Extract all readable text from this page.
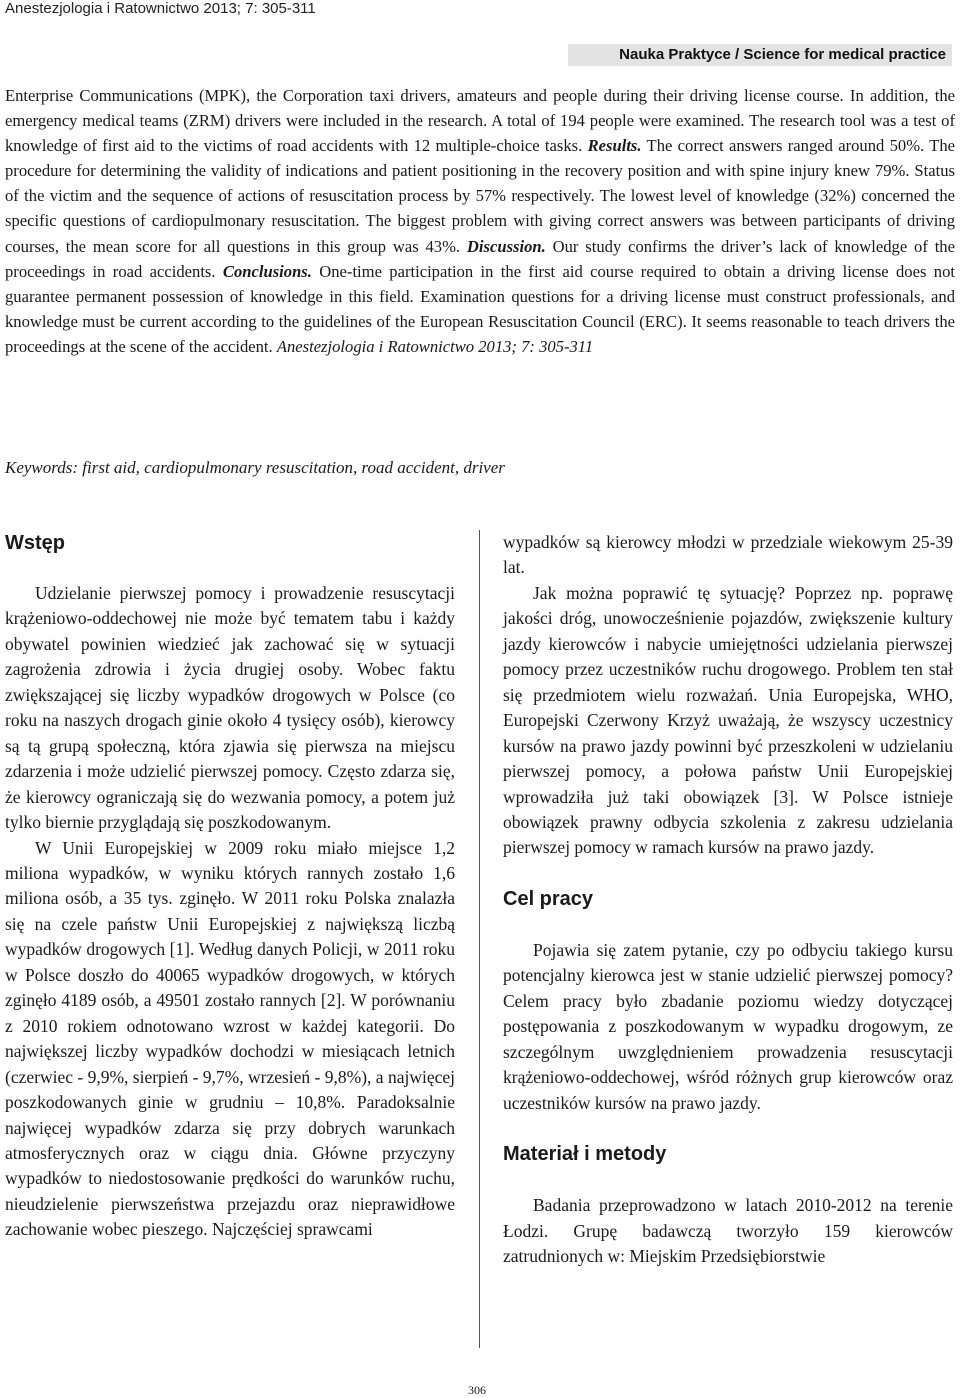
Anestezjologia i Ratownictwo 2013; 7: 305-311
Nauka Praktyce / Science for medical practice

Enterprise Communications (MPK), the Corporation taxi drivers, amateurs and people during their driving license course. In addition, the emergency medical teams (ZRM) drivers were included in the research. A total of 194 people were examined. The research tool was a test of knowledge of first aid to the victims of road accidents with 12 multiple-choice tasks. Results. The correct answers ranged around 50%. The procedure for determining the validity of indications and patient positioning in the recovery position and with spine injury knew 79%. Status of the victim and the sequence of actions of resuscitation process by 57% respectively. The lowest level of knowledge (32%) concerned the specific questions of cardiopulmonary resuscitation. The biggest problem with giving correct answers was between participants of driving courses, the mean score for all questions in this group was 43%. Discussion. Our study confirms the driver’s lack of knowledge of the proceedings in road accidents. Conclusions. One-time participation in the first aid course required to obtain a driving license does not guarantee permanent possession of knowledge in this field. Examination questions for a driving license must construct professionals, and knowledge must be current according to the guidelines of the European Resuscitation Council (ERC). It seems reasonable to teach drivers the proceedings at the scene of the accident. Anestezjologia i Ratownictwo 2013; 7: 305-311

Keywords: first aid, cardiopulmonary resuscitation, road accident, driver
Wstęp

Udzielanie pierwszej pomocy i prowadzenie resuscytacji krążeniowo-oddechowej nie może być tematem tabu i każdy obywatel powinien wiedzieć jak zachować się w sytuacji zagrożenia zdrowia i życia drugiej osoby. Wobec faktu zwiększającej się liczby wypadków drogowych w Polsce (co roku na naszych drogach ginie około 4 tysięcy osób), kierowcy są tą grupą społeczną, która zjawia się pierwsza na miejscu zdarzenia i może udzielić pierwszej pomocy. Często zdarza się, że kierowcy ograniczają się do wezwania pomocy, a potem już tylko biernie przyglądają się poszkodowanym.

W Unii Europejskiej w 2009 roku miało miejsce 1,2 miliona wypadków, w wyniku których rannych zostało 1,6 miliona osób, a 35 tys. zginęło. W 2011 roku Polska znalazła się na czele państw Unii Europejskiej z największą liczbą wypadków drogowych [1]. Według danych Policji, w 2011 roku w Polsce doszło do 40065 wypadków drogowych, w których zginęło 4189 osób, a 49501 zostało rannych [2]. W porównaniu z 2010 rokiem odnotowano wzrost w każdej kategorii. Do największej liczby wypadków dochodzi w miesiącach letnich (czerwiec - 9,9%, sierpień - 9,7%, wrzesień - 9,8%), a najwięcej poszkodowanych ginie w grudniu – 10,8%. Paradoksalnie najwięcej wypadków zdarza się przy dobrych warunkach atmosferycznych oraz w ciągu dnia. Główne przyczyny wypadków to niedostosowanie prędkości do warunków ruchu, nieudzielenie pierwszeństwa przejazdu oraz nieprawidłowe zachowanie wobec pieszego. Najczęściej sprawcami

wypadków są kierowcy młodzi w przedziale wiekowym 25-39 lat.

Jak można poprawić tę sytuację? Poprzez np. poprawę jakości dróg, unowocześnienie pojazdów, zwiększenie kultury jazdy kierowców i nabycie umiejętności udzielania pierwszej pomocy przez uczestników ruchu drogowego. Problem ten stał się przedmiotem wielu rozważań. Unia Europejska, WHO, Europejski Czerwony Krzyż uważają, że wszyscy uczestnicy kursów na prawo jazdy powinni być przeszkoleni w udzielaniu pierwszej pomocy, a połowa państw Unii Europejskiej wprowadziła już taki obowiązek [3]. W Polsce istnieje obowiązek prawny odbycia szkolenia z zakresu udzielania pierwszej pomocy w ramach kursów na prawo jazdy.

Cel pracy

Pojawia się zatem pytanie, czy po odbyciu takiego kursu potencjalny kierowca jest w stanie udzielić pierwszej pomocy? Celem pracy było zbadanie poziomu wiedzy dotyczącej postępowania z poszkodowanym w wypadku drogowym, ze szczególnym uwzględnieniem prowadzenia resuscytacji krążeniowo-oddechowej, wśród różnych grup kierowców oraz uczestników kursów na prawo jazdy.

Materiał i metody

Badania przeprowadzono w latach 2010-2012 na terenie Łodzi. Grupę badawczą tworzyło 159 kierowców zatrudnionych w: Miejskim Przedsiębiorstwie

306
